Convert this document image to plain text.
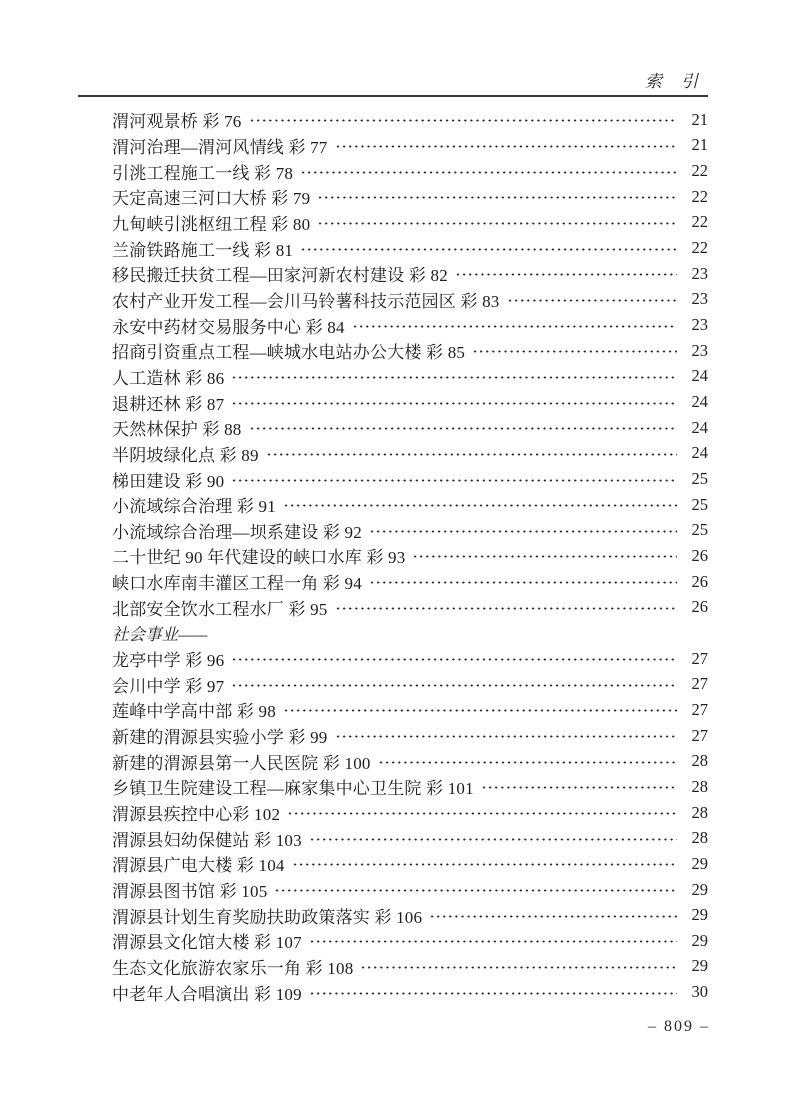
索　引
渭河观景桥 彩 76	21
渭河治理—渭河风情线 彩 77	21
引洮工程施工一线 彩 78	22
天定高速三河口大桥 彩 79	22
九甸峡引洮枢纽工程 彩 80	22
兰渝铁路施工一线 彩 81	22
移民搬迁扶贫工程—田家河新农村建设 彩 82	23
农村产业开发工程—会川马铃薯科技示范园区 彩 83	23
永安中药材交易服务中心 彩 84	23
招商引资重点工程—峡城水电站办公大楼 彩 85	23
人工造林 彩 86	24
退耕还林 彩 87	24
天然林保护 彩 88	24
半阴坡绿化点 彩 89	24
梯田建设 彩 90	25
小流域综合治理 彩 91	25
小流域综合治理—坝系建设 彩 92	25
二十世纪 90 年代建设的峡口水库 彩 93	26
峡口水库南丰灌区工程一角 彩 94	26
北部安全饮水工程水厂 彩 95	26
社会事业——
龙亭中学 彩 96	27
会川中学 彩 97	27
莲峰中学高中部 彩 98	27
新建的渭源县实验小学 彩 99	27
新建的渭源县第一人民医院 彩 100	28
乡镇卫生院建设工程—麻家集中心卫生院 彩 101	28
渭源县疾控中心彩 102	28
渭源县妇幼保健站 彩 103	28
渭源县广电大楼 彩 104	29
渭源县图书馆 彩 105	29
渭源县计划生育奖励扶助政策落实 彩 106	29
渭源县文化馆大楼 彩 107	29
生态文化旅游农家乐一角 彩 108	29
中老年人合唱演出 彩 109	30
– 809 –
